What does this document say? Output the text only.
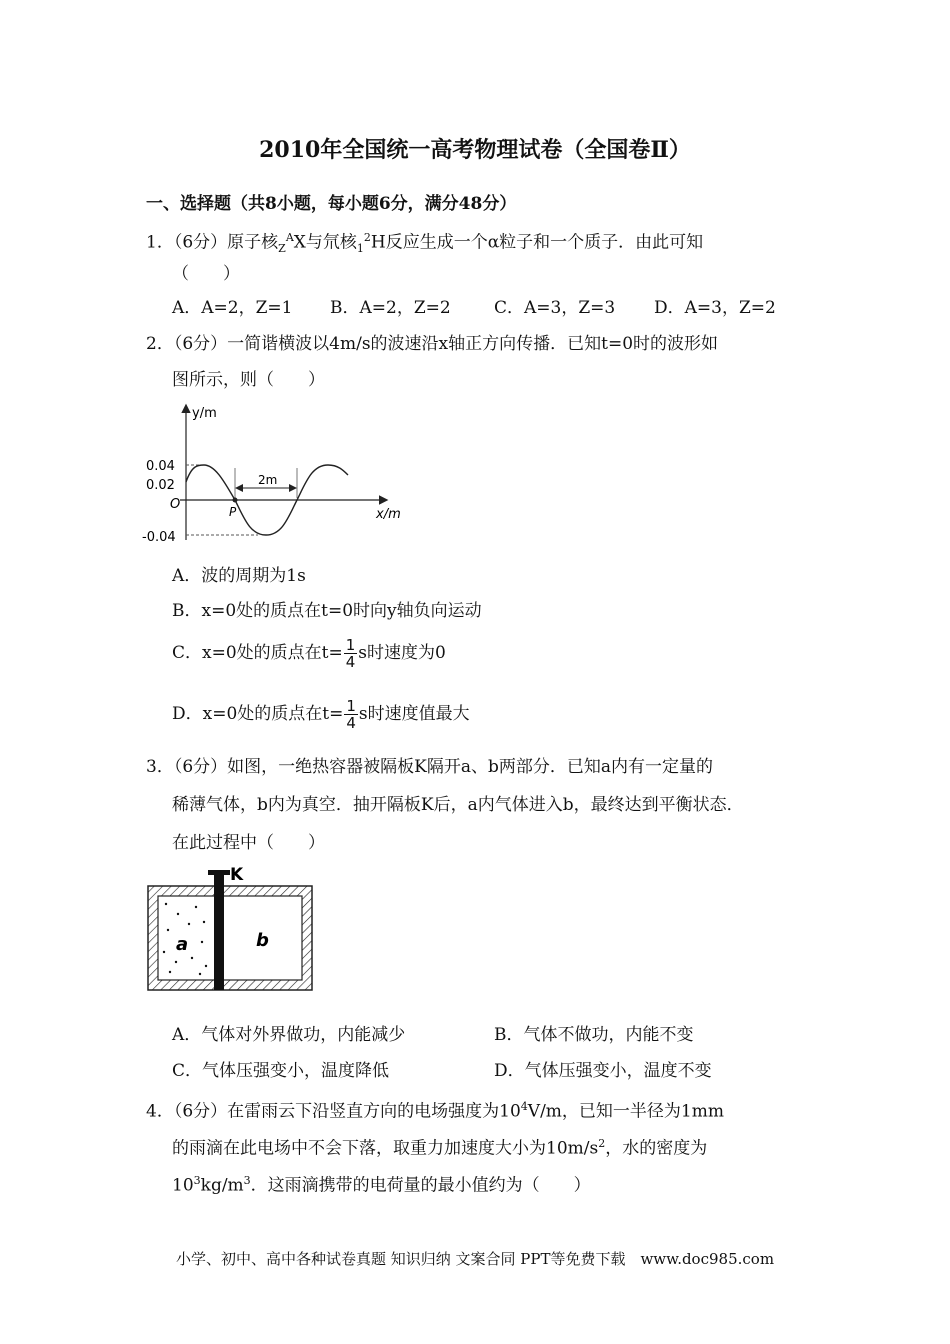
2010年全国统一高考物理试卷（全国卷Ⅱ）
一、选择题（共8小题，每小题6分，满分48分）
1．（6分）原子核$_Z^A$X与氘核$_1^2$H反应生成一个α粒子和一个质子．由此可知
（　　）
A．A=2，Z=1 B．A=2，Z=2	C．A=3，Z=3 D．A=3，Z=2
2．（6分）一简谐横波以4m/s的波速沿x轴正方向传播．已知t=0时的波形如
图所示，则（　　）
y/m
x/m
O
0.04
0.02
-0.04
P
2m
A．波的周期为1s
B．x=0处的质点在t=0时向y轴负向运动
C．x=0处的质点在$t= \frac{1}{4}$ s时速度为0
D．x=0处的质点在$t= \frac{1}{4}$ s时速度值最大
3．（6分）如图，一绝热容器被隔板K隔开a、b两部分．已知a内有一定量的
稀薄气体，b内为真空．抽开隔板K后，a内气体进入b，最终达到平衡状态．
在此过程中（　　）
K
a	b
A．气体对外界做功，内能减少	B．气体不做功，内能不变
C．气体压强变小，温度降低	D．气体压强变小，温度不变
4．（6分）在雷雨云下沿竖直方向的电场强度为$10^4V/m$，已知一半径为1mm
的雨滴在此电场中不会下落，取重力加速度大小为$10m/s^2$，水的密度为
$10^3kg/m^3$．这雨滴携带的电荷量的最小值约为（　　）
小学、初中、高中各种试卷真题 知识归纳 文案合同 PPT等免费下载　www.doc985.com
